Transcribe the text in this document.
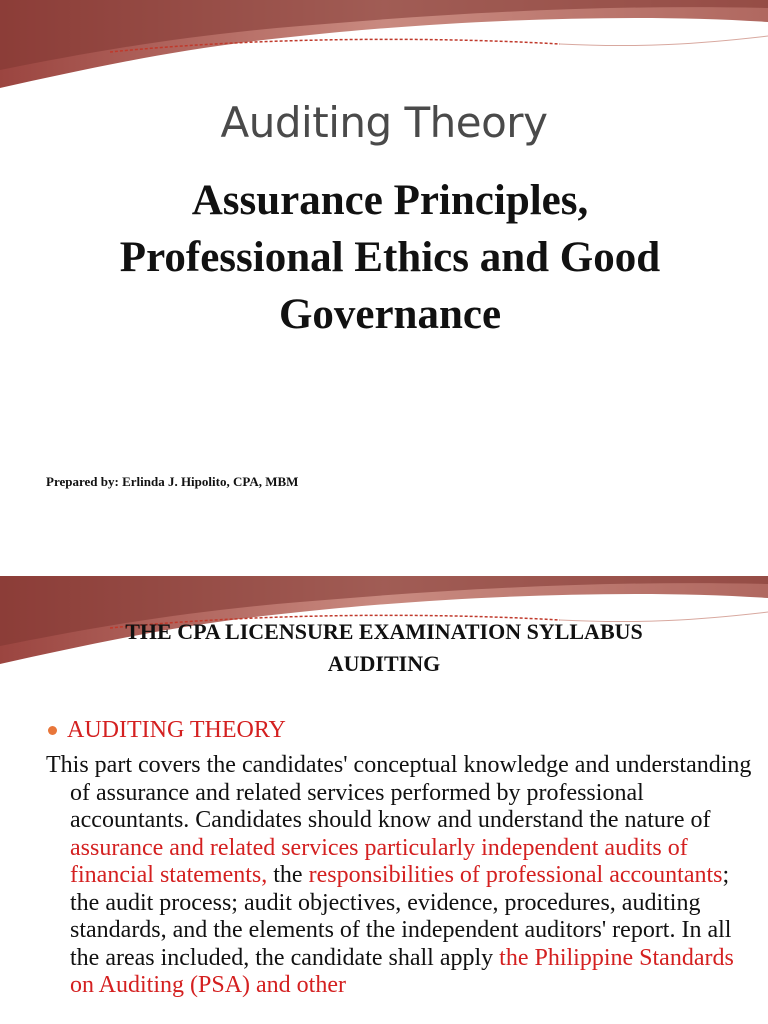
Auditing Theory
Assurance Principles,
Professional Ethics and Good
Governance
Prepared by: Erlinda J. Hipolito, CPA, MBM
THE CPA LICENSURE EXAMINATION SYLLABUS
AUDITING
AUDITING THEORY
This part covers the candidates' conceptual knowledge and understanding of assurance and related services performed by professional accountants. Candidates should know and understand the nature of assurance and related services particularly independent audits of financial statements, the responsibilities of professional accountants; the audit process; audit objectives, evidence, procedures, auditing standards, and the elements of the independent auditors' report. In all the areas included, the candidate shall apply the Philippine Standards on Auditing (PSA) and other
